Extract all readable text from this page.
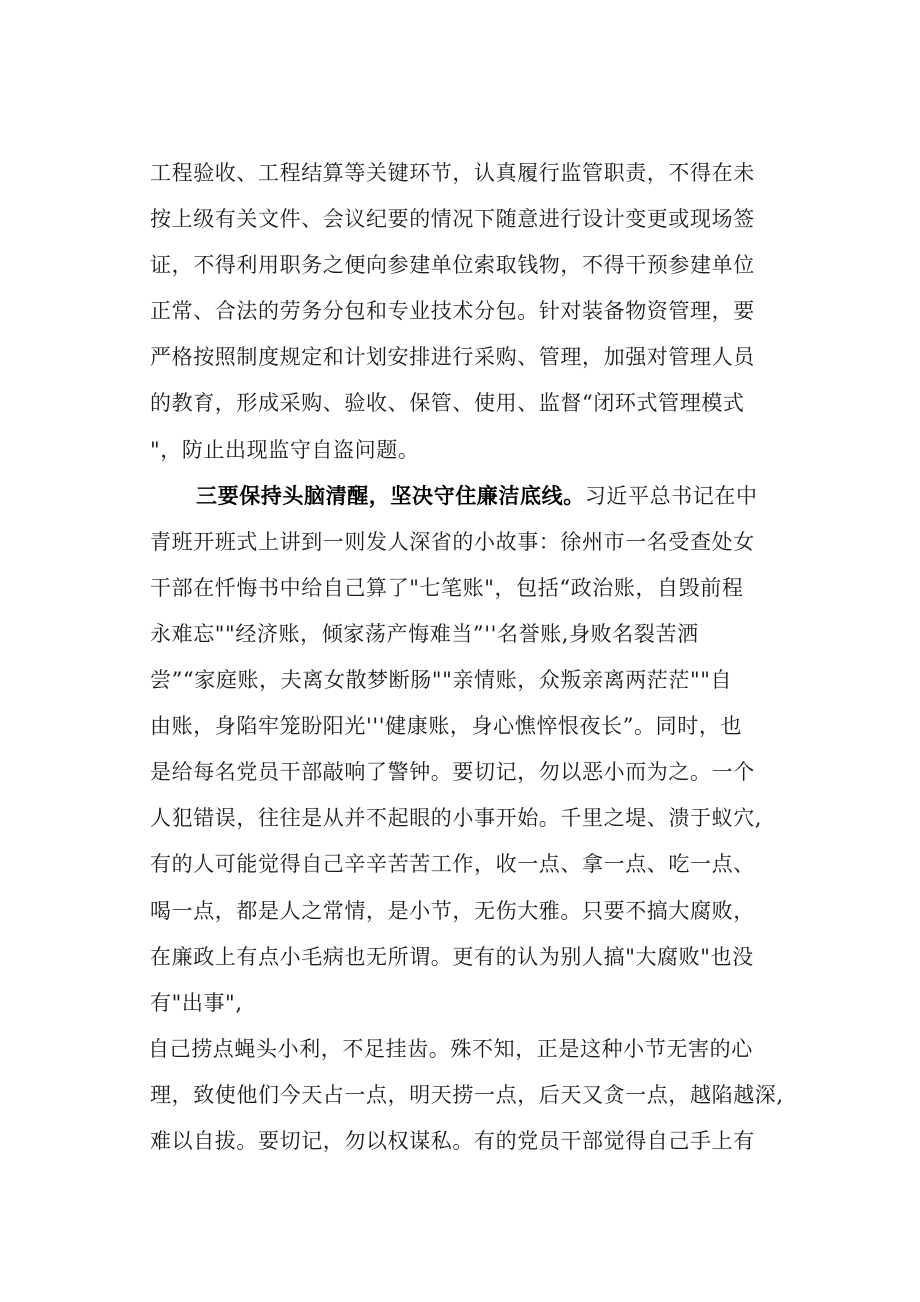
工程验收、工程结算等关键环节，认真履行监管职责，不得在未
按上级有关文件、会议纪要的情况下随意进行设计变更或现场签
证，不得利用职务之便向参建单位索取钱物，不得干预参建单位
正常、合法的劳务分包和专业技术分包。针对装备物资管理，要
严格按照制度规定和计划安排进行采购、管理，加强对管理人员
的教育，形成采购、验收、保管、使用、监督“闭环式管理模式
"，防止出现监守自盗问题。
三要保持头脑清醒，坚决守住廉洁底线。习近平总书记在中
青班开班式上讲到一则发人深省的小故事：徐州市一名受查处女
干部在忏悔书中给自己算了"七笔账"，包括“政治账，自毁前程
永难忘""经济账，倾家荡产悔难当”''名誉账,身败名裂苦洒
尝”“家庭账，夫离女散梦断肠""亲情账，众叛亲离两茫茫""自
由账，身陷牢笼盼阳光'''健康账，身心憔悴恨夜长”。同时，也
是给每名党员干部敲响了警钟。要切记，勿以恶小而为之。一个
人犯错误，往往是从并不起眼的小事开始。千里之堤、溃于蚁穴,
有的人可能觉得自己辛辛苦苦工作，收一点、拿一点、吃一点、
喝一点，都是人之常情，是小节，无伤大雅。只要不搞大腐败，
在廉政上有点小毛病也无所谓。更有的认为别人搞"大腐败"也没
有"出事",
自己捞点蝇头小利，不足挂齿。殊不知，正是这种小节无害的心
理，致使他们今天占一点，明天捞一点，后天又贪一点，越陷越深,
难以自拔。要切记，勿以权谋私。有的党员干部觉得自己手上有
